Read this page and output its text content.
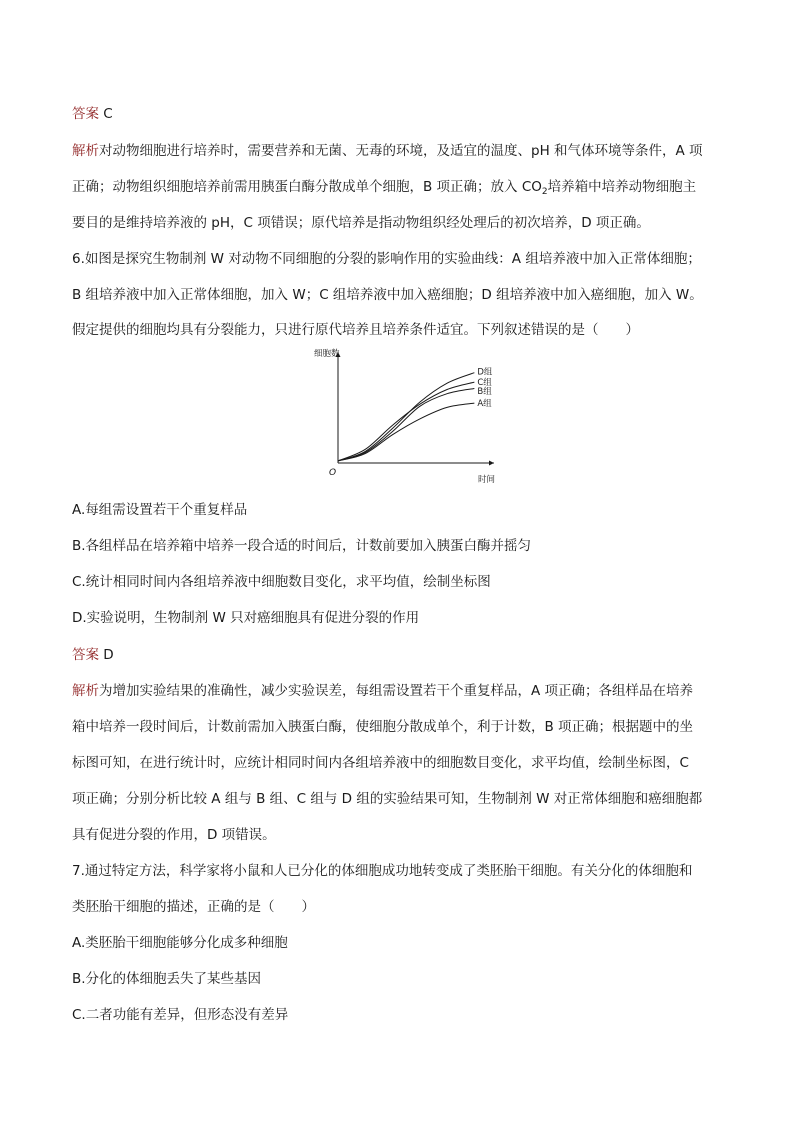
答案 C
解析对动物细胞进行培养时，需要营养和无菌、无毒的环境，及适宜的温度、pH 和气体环境等条件，A 项
正确；动物组织细胞培养前需用胰蛋白酶分散成单个细胞，B 项正确；放入 $CO_2$培养箱中培养动物细胞主
要目的是维持培养液的 pH，C 项错误；原代培养是指动物组织经处理后的初次培养，D 项正确。
6.如图是探究生物制剂 W 对动物不同细胞的分裂的影响作用的实验曲线：A 组培养液中加入正常体细胞；
B 组培养液中加入正常体细胞，加入 W；C 组培养液中加入癌细胞；D 组培养液中加入癌细胞，加入 W。
假定提供的细胞均具有分裂能力，只进行原代培养且培养条件适宜。下列叙述错误的是（　　）
细胞数
时间
O
D组
C组
B组
A组
A.每组需设置若干个重复样品
B.各组样品在培养箱中培养一段合适的时间后，计数前要加入胰蛋白酶并摇匀
C.统计相同时间内各组培养液中细胞数目变化，求平均值，绘制坐标图
D.实验说明，生物制剂 W 只对癌细胞具有促进分裂的作用
答案 D
解析为增加实验结果的准确性，减少实验误差，每组需设置若干个重复样品，A 项正确；各组样品在培养
箱中培养一段时间后，计数前需加入胰蛋白酶，使细胞分散成单个，利于计数，B 项正确；根据题中的坐
标图可知，在进行统计时，应统计相同时间内各组培养液中的细胞数目变化，求平均值，绘制坐标图，C
项正确；分别分析比较 A 组与 B 组、C 组与 D 组的实验结果可知，生物制剂 W 对正常体细胞和癌细胞都
具有促进分裂的作用，D 项错误。
7.通过特定方法，科学家将小鼠和人已分化的体细胞成功地转变成了类胚胎干细胞。有关分化的体细胞和
类胚胎干细胞的描述，正确的是（　　）
A.类胚胎干细胞能够分化成多种细胞
B.分化的体细胞丢失了某些基因
C.二者功能有差异，但形态没有差异
